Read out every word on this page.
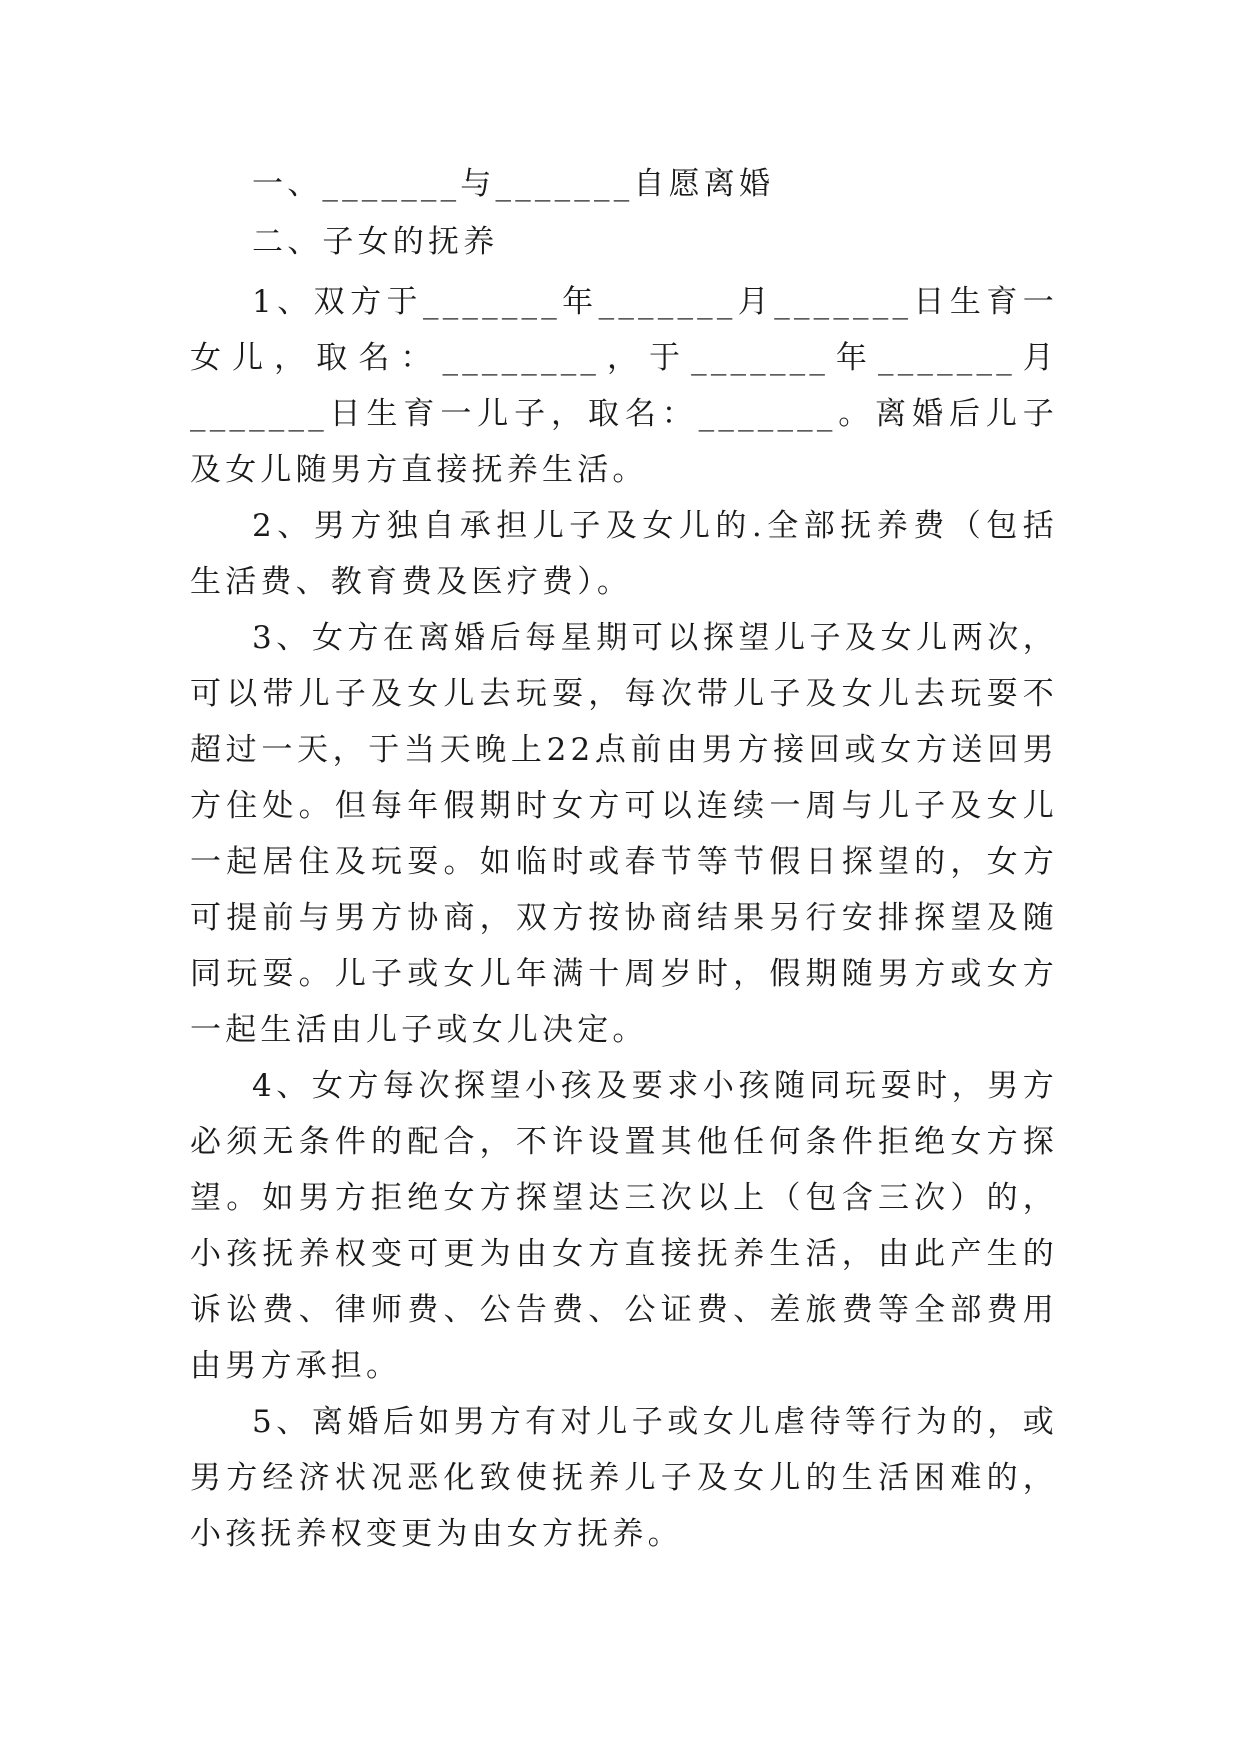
一、_______与_______自愿离婚

二、子女的抚养

1、双方于_______年_______月_______日生育一女儿，取名：________，于_______年_______月_______日生育一儿子，取名：_______。离婚后儿子及女儿随男方直接抚养生活。

2、男方独自承担儿子及女儿的.全部抚养费（包括生活费、教育费及医疗费）。

3、女方在离婚后每星期可以探望儿子及女儿两次，可以带儿子及女儿去玩耍，每次带儿子及女儿去玩耍不超过一天，于当天晚上22点前由男方接回或女方送回男方住处。但每年假期时女方可以连续一周与儿子及女儿一起居住及玩耍。如临时或春节等节假日探望的，女方可提前与男方协商，双方按协商结果另行安排探望及随同玩耍。儿子或女儿年满十周岁时，假期随男方或女方一起生活由儿子或女儿决定。

4、女方每次探望小孩及要求小孩随同玩耍时，男方必须无条件的配合，不许设置其他任何条件拒绝女方探望。如男方拒绝女方探望达三次以上（包含三次）的，小孩抚养权变可更为由女方直接抚养生活，由此产生的诉讼费、律师费、公告费、公证费、差旅费等全部费用由男方承担。

5、离婚后如男方有对儿子或女儿虐待等行为的，或男方经济状况恶化致使抚养儿子及女儿的生活困难的，小孩抚养权变更为由女方抚养。
